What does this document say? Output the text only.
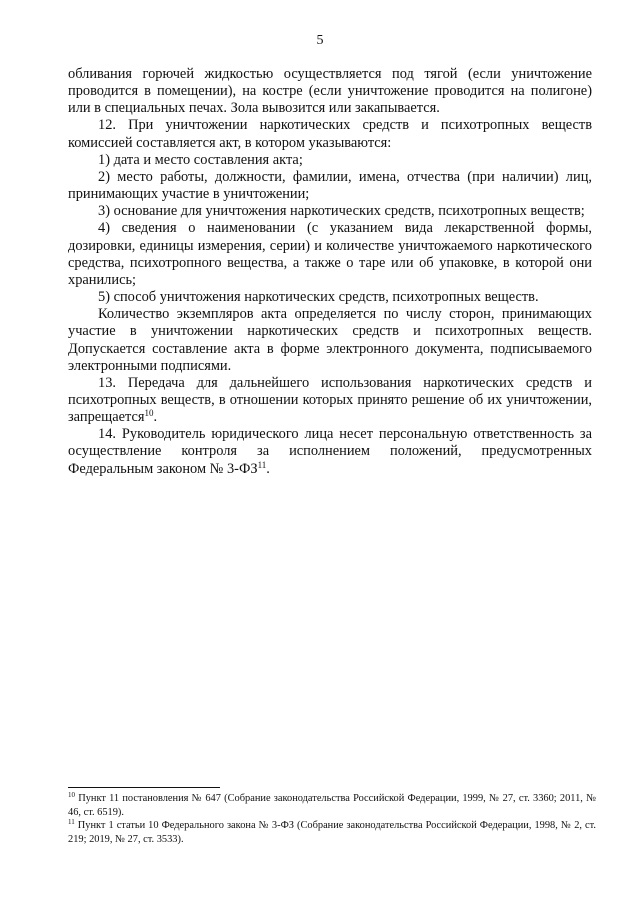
5

обливания горючей жидкостью осуществляется под тягой (если уничтожение проводится в помещении), на костре (если уничтожение проводится на полигоне) или в специальных печах. Зола вывозится или закапывается.

12. При уничтожении наркотических средств и психотропных веществ комиссией составляется акт, в котором указываются:

1) дата и место составления акта;

2) место работы, должности, фамилии, имена, отчества (при наличии) лиц, принимающих участие в уничтожении;

3) основание для уничтожения наркотических средств, психотропных веществ;

4) сведения о наименовании (с указанием вида лекарственной формы, дозировки, единицы измерения, серии) и количестве уничтожаемого наркотического средства, психотропного вещества, а также о таре или об упаковке, в которой они хранились;

5) способ уничтожения наркотических средств, психотропных веществ.

Количество экземпляров акта определяется по числу сторон, принимающих участие в уничтожении наркотических средств и психотропных веществ. Допускается составление акта в форме электронного документа, подписываемого электронными подписями.

13. Передача для дальнейшего использования наркотических средств и психотропных веществ, в отношении которых принято решение об их уничтожении, запрещается$^{10}$.

14. Руководитель юридического лица несет персональную ответственность за осуществление контроля за исполнением положений, предусмотренных Федеральным законом № 3-ФЗ$^{11}$.

$^{10}$ Пункт 11 постановления № 647 (Собрание законодательства Российской Федерации, 1999, № 27, ст. 3360; 2011, № 46, ст. 6519).

$^{11}$ Пункт 1 статьи 10 Федерального закона № 3-ФЗ (Собрание законодательства Российской Федерации, 1998, № 2, ст. 219; 2019, № 27, ст. 3533).
